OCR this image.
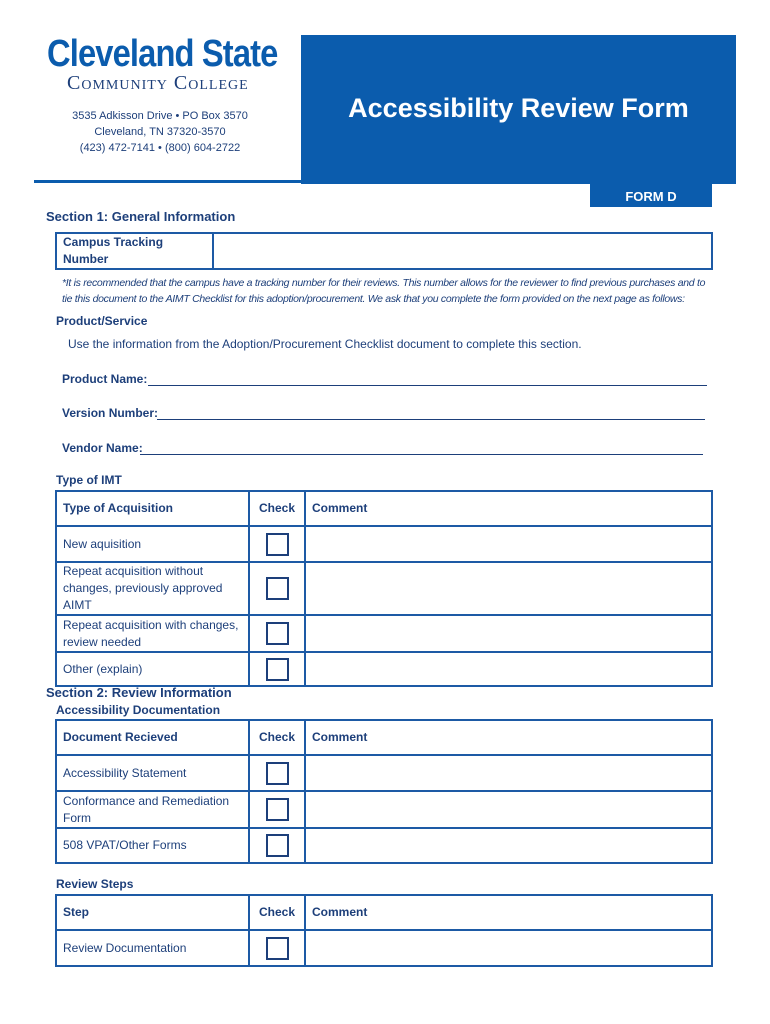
Cleveland State
Community College
3535 Adkisson Drive • PO Box 3570
Cleveland, TN 37320-3570
(423) 472-7141 • (800) 604-2722
Accessibility Review Form
FORM D
Section 1: General Information
Campus Tracking Number	
*It is recommended that the campus have a tracking number for their reviews. This number allows for the reviewer to find previous purchases and to tie this document to the AIMT Checklist for this adoption/procurement. We ask that you complete the form provided on the next page as follows:
Product/Service
Use the information from the Adoption/Procurement Checklist document to complete this section.
Product Name:
Version Number:
Vendor Name:
Type of IMT
Type of Acquisition	Check	Comment
New aquisition		
Repeat acquisition without changes, previously approved AIMT		
Repeat acquisition with changes, review needed		
Other (explain)		
Section 2: Review Information
Accessibility Documentation
Document Recieved	Check	Comment
Accessibility Statement		
Conformance and Remediation Form		
508 VPAT/Other Forms		
Review Steps
Step	Check	Comment
Review Documentation		
